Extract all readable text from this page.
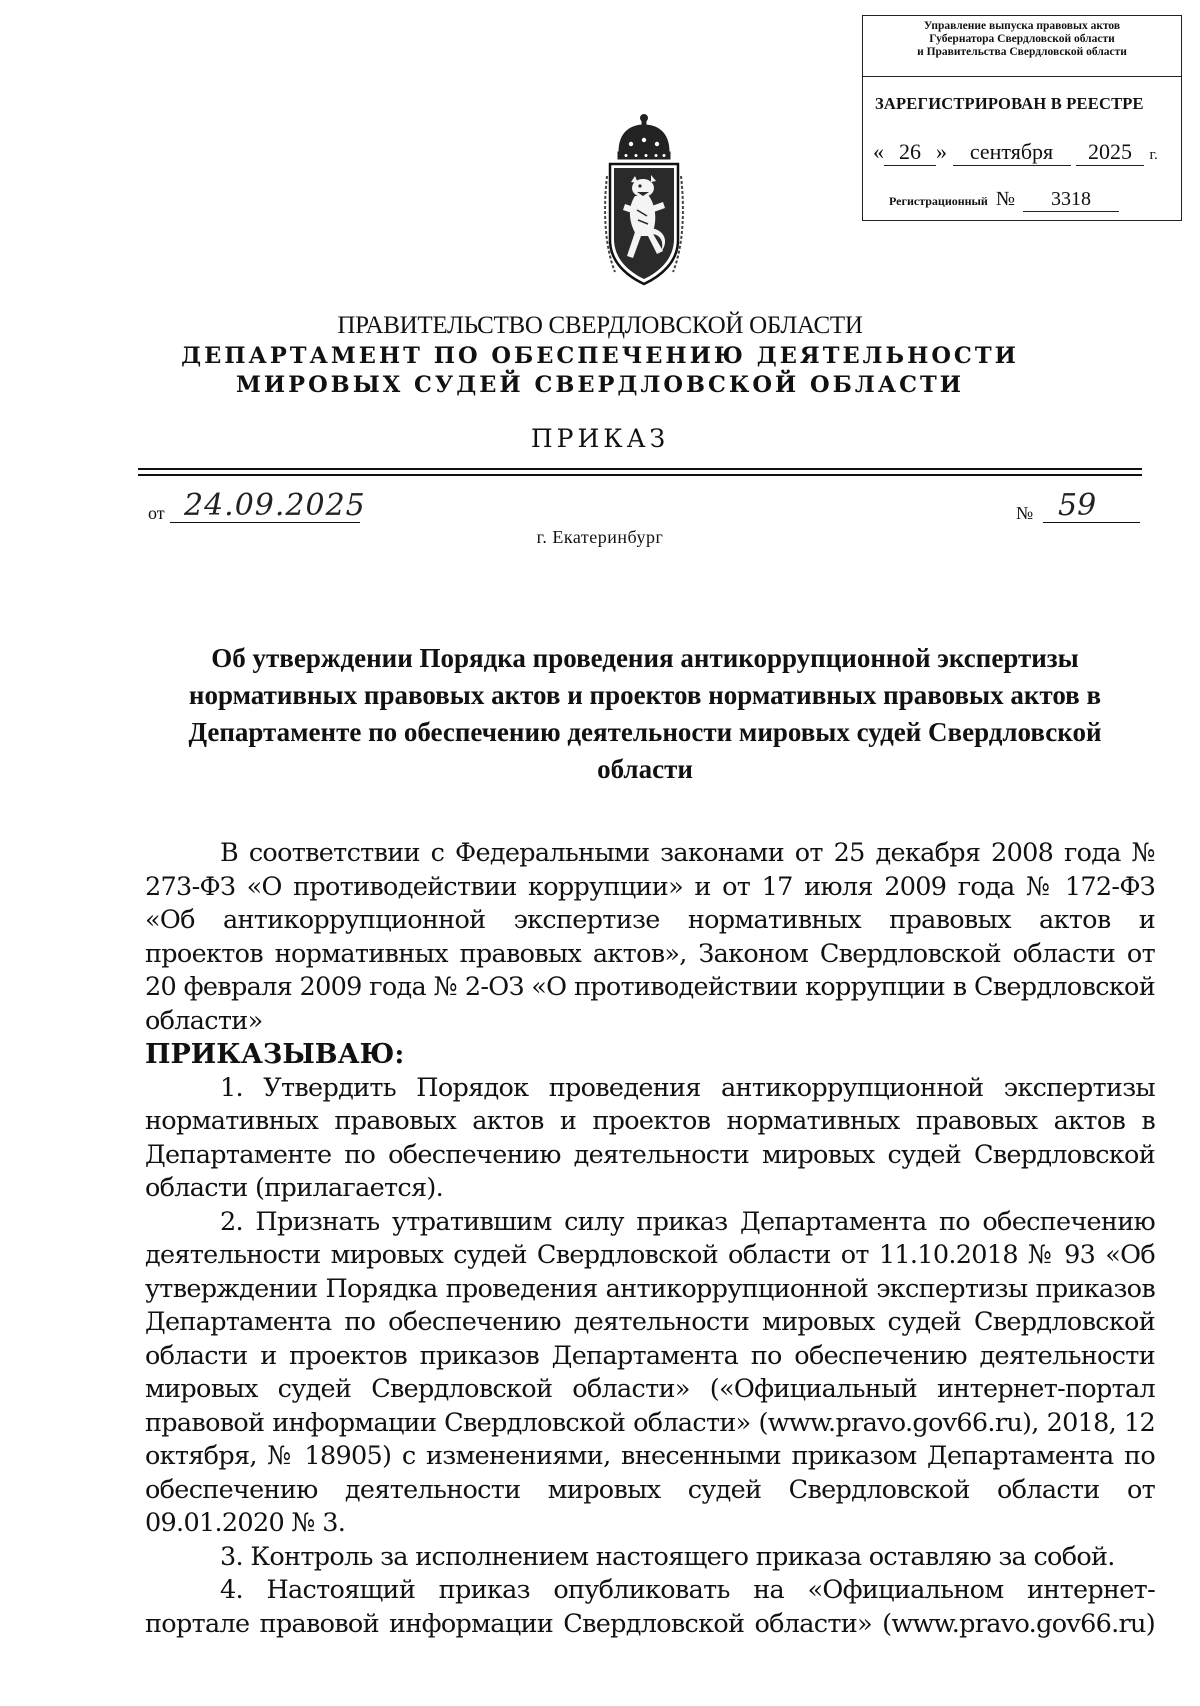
Управление выпуска правовых актов
Губернатора Свердловской области
и Правительства Свердловской области
ЗАРЕГИСТРИРОВАН В РЕЕСТРЕ
« 26 » сентября 2025 г.
Регистрационный № 3318
ПРАВИТЕЛЬСТВО СВЕРДЛОВСКОЙ ОБЛАСТИ
ДЕПАРТАМЕНТ ПО ОБЕСПЕЧЕНИЮ ДЕЯТЕЛЬНОСТИ
МИРОВЫХ СУДЕЙ СВЕРДЛОВСКОЙ ОБЛАСТИ
ПРИКАЗ
от 24.09.2025	№ 59
г. Екатеринбург
Об утверждении Порядка проведения антикоррупционной экспертизы нормативных правовых актов и проектов нормативных правовых актов в Департаменте по обеспечению деятельности мировых судей Свердловской области

В соответствии с Федеральными законами от 25 декабря 2008 года № 273-ФЗ «О противодействии коррупции» и от 17 июля 2009 года № 172-ФЗ «Об антикоррупционной экспертизе нормативных правовых актов и проектов нормативных правовых актов», Законом Свердловской области от 20 февраля 2009 года № 2-ОЗ «О противодействии коррупции в Свердловской области»

ПРИКАЗЫВАЮ:

1. Утвердить Порядок проведения антикоррупционной экспертизы нормативных правовых актов и проектов нормативных правовых актов в Департаменте по обеспечению деятельности мировых судей Свердловской области (прилагается).

2. Признать утратившим силу приказ Департамента по обеспечению деятельности мировых судей Свердловской области от 11.10.2018 № 93 «Об утверждении Порядка проведения антикоррупционной экспертизы приказов Департамента по обеспечению деятельности мировых судей Свердловской области и проектов приказов Департамента по обеспечению деятельности мировых судей Свердловской области» («Официальный интернет-портал правовой информации Свердловской области» (www.pravo.gov66.ru), 2018, 12 октября, № 18905) с изменениями, внесенными приказом Департамента по обеспечению деятельности мировых судей Свердловской области от 09.01.2020 № 3.

3. Контроль за исполнением настоящего приказа оставляю за собой.

4. Настоящий приказ опубликовать на «Официальном интернет-портале правовой информации Свердловской области» (www.pravo.gov66.ru)
